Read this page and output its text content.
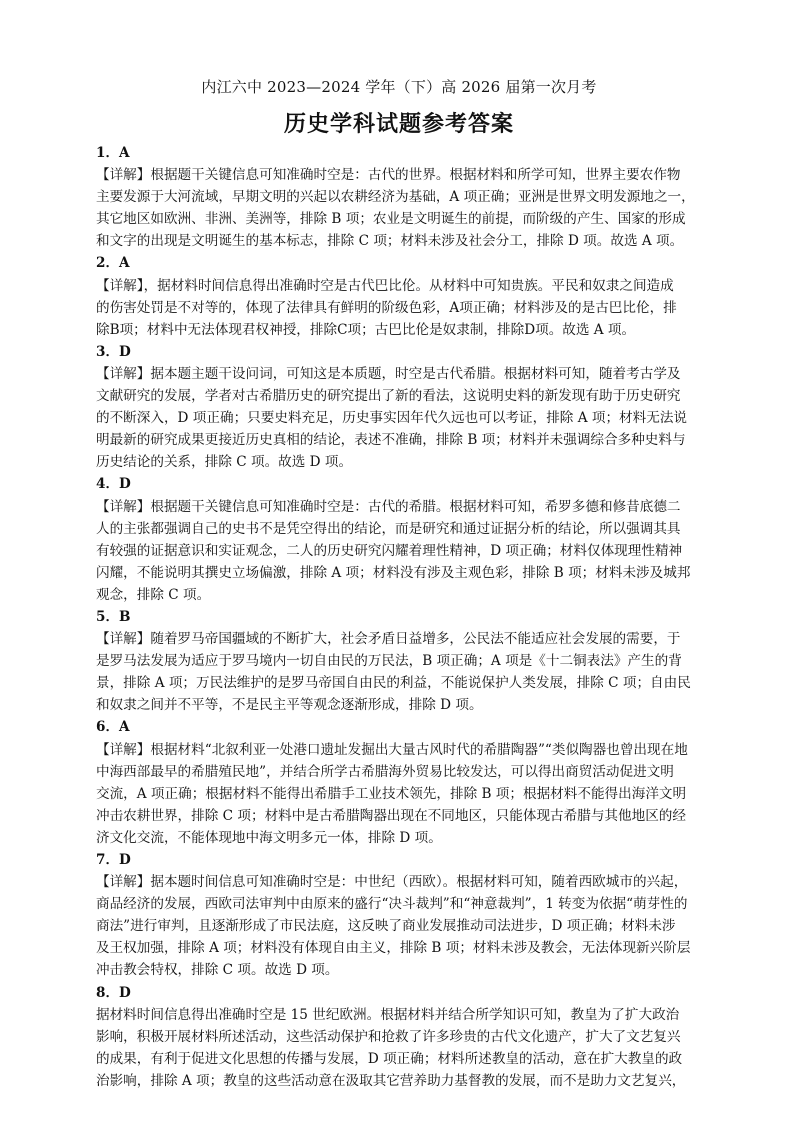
内江六中 2023—2024 学年（下）高 2026 届第一次月考
历史学科试题参考答案
1．A
【详解】根据题干关键信息可知准确时空是：古代的世界。根据材料和所学可知，世界主要农作物
主要发源于大河流域，早期文明的兴起以农耕经济为基础，A 项正确；亚洲是世界文明发源地之一，
其它地区如欧洲、非洲、美洲等，排除 B 项；农业是文明诞生的前提，而阶级的产生、国家的形成
和文字的出现是文明诞生的基本标志，排除 C 项；材料未涉及社会分工，排除 D 项。故选 A 项。
2．A
【详解】，据材料时间信息得出准确时空是古代巴比伦。从材料中可知贵族。平民和奴隶之间造成
的伤害处罚是不对等的，体现了法律具有鲜明的阶级色彩，A项正确；材料涉及的是古巴比伦，排
除B项；材料中无法体现君权神授，排除C项；古巴比伦是奴隶制，排除D项。故选 A 项。
3．D
【详解】据本题主题干设问词，可知这是本质题，时空是古代希腊。根据材料可知，随着考古学及
文献研究的发展，学者对古希腊历史的研究提出了新的看法，这说明史料的新发现有助于历史研究
的不断深入，D 项正确；只要史料充足，历史事实因年代久远也可以考证，排除 A 项；材料无法说
明最新的研究成果更接近历史真相的结论，表述不准确，排除 B 项；材料并未强调综合多种史料与
历史结论的关系，排除 C 项。故选 D 项。
4．D
【详解】根据题干关键信息可知准确时空是：古代的希腊。根据材料可知，希罗多德和修昔底德二
人的主张都强调自己的史书不是凭空得出的结论，而是研究和通过证据分析的结论，所以强调其具
有较强的证据意识和实证观念，二人的历史研究闪耀着理性精神，D 项正确；材料仅体现理性精神
闪耀，不能说明其撰史立场偏激，排除 A 项；材料没有涉及主观色彩，排除 B 项；材料未涉及城邦
观念，排除 C 项。
5．B
【详解】随着罗马帝国疆域的不断扩大，社会矛盾日益增多，公民法不能适应社会发展的需要，于
是罗马法发展为适应于罗马境内一切自由民的万民法，B 项正确；A 项是《十二铜表法》产生的背
景，排除 A 项；万民法维护的是罗马帝国自由民的利益，不能说保护人类发展，排除 C 项；自由民
和奴隶之间并不平等，不是民主平等观念逐渐形成，排除 D 项。
6．A
【详解】根据材料“北叙利亚一处港口遗址发掘出大量古风时代的希腊陶器”“类似陶器也曾出现在地
中海西部最早的希腊殖民地”，并结合所学古希腊海外贸易比较发达，可以得出商贸活动促进文明
交流，A 项正确；根据材料不能得出希腊手工业技术领先，排除 B 项；根据材料不能得出海洋文明
冲击农耕世界，排除 C 项；材料中是古希腊陶器出现在不同地区，只能体现古希腊与其他地区的经
济文化交流，不能体现地中海文明多元一体，排除 D 项。
7．D
【详解】据本题时间信息可知准确时空是：中世纪（西欧）。根据材料可知，随着西欧城市的兴起，
商品经济的发展，西欧司法审判中由原来的盛行“决斗裁判”和“神意裁判”，1 转变为依据“萌芽性的
商法”进行审判，且逐渐形成了市民法庭，这反映了商业发展推动司法进步，D 项正确；材料未涉
及王权加强，排除 A 项；材料没有体现自由主义，排除 B 项；材料未涉及教会，无法体现新兴阶层
冲击教会特权，排除 C 项。故选 D 项。
8．D
据材料时间信息得出准确时空是 15 世纪欧洲。根据材料并结合所学知识可知，教皇为了扩大政治
影响，积极开展材料所述活动，这些活动保护和抢救了许多珍贵的古代文化遗产，扩大了文艺复兴
的成果，有利于促进文化思想的传播与发展，D 项正确；材料所述教皇的活动，意在扩大教皇的政
治影响，排除 A 项；教皇的这些活动意在汲取其它营养助力基督教的发展，而不是助力文艺复兴，
